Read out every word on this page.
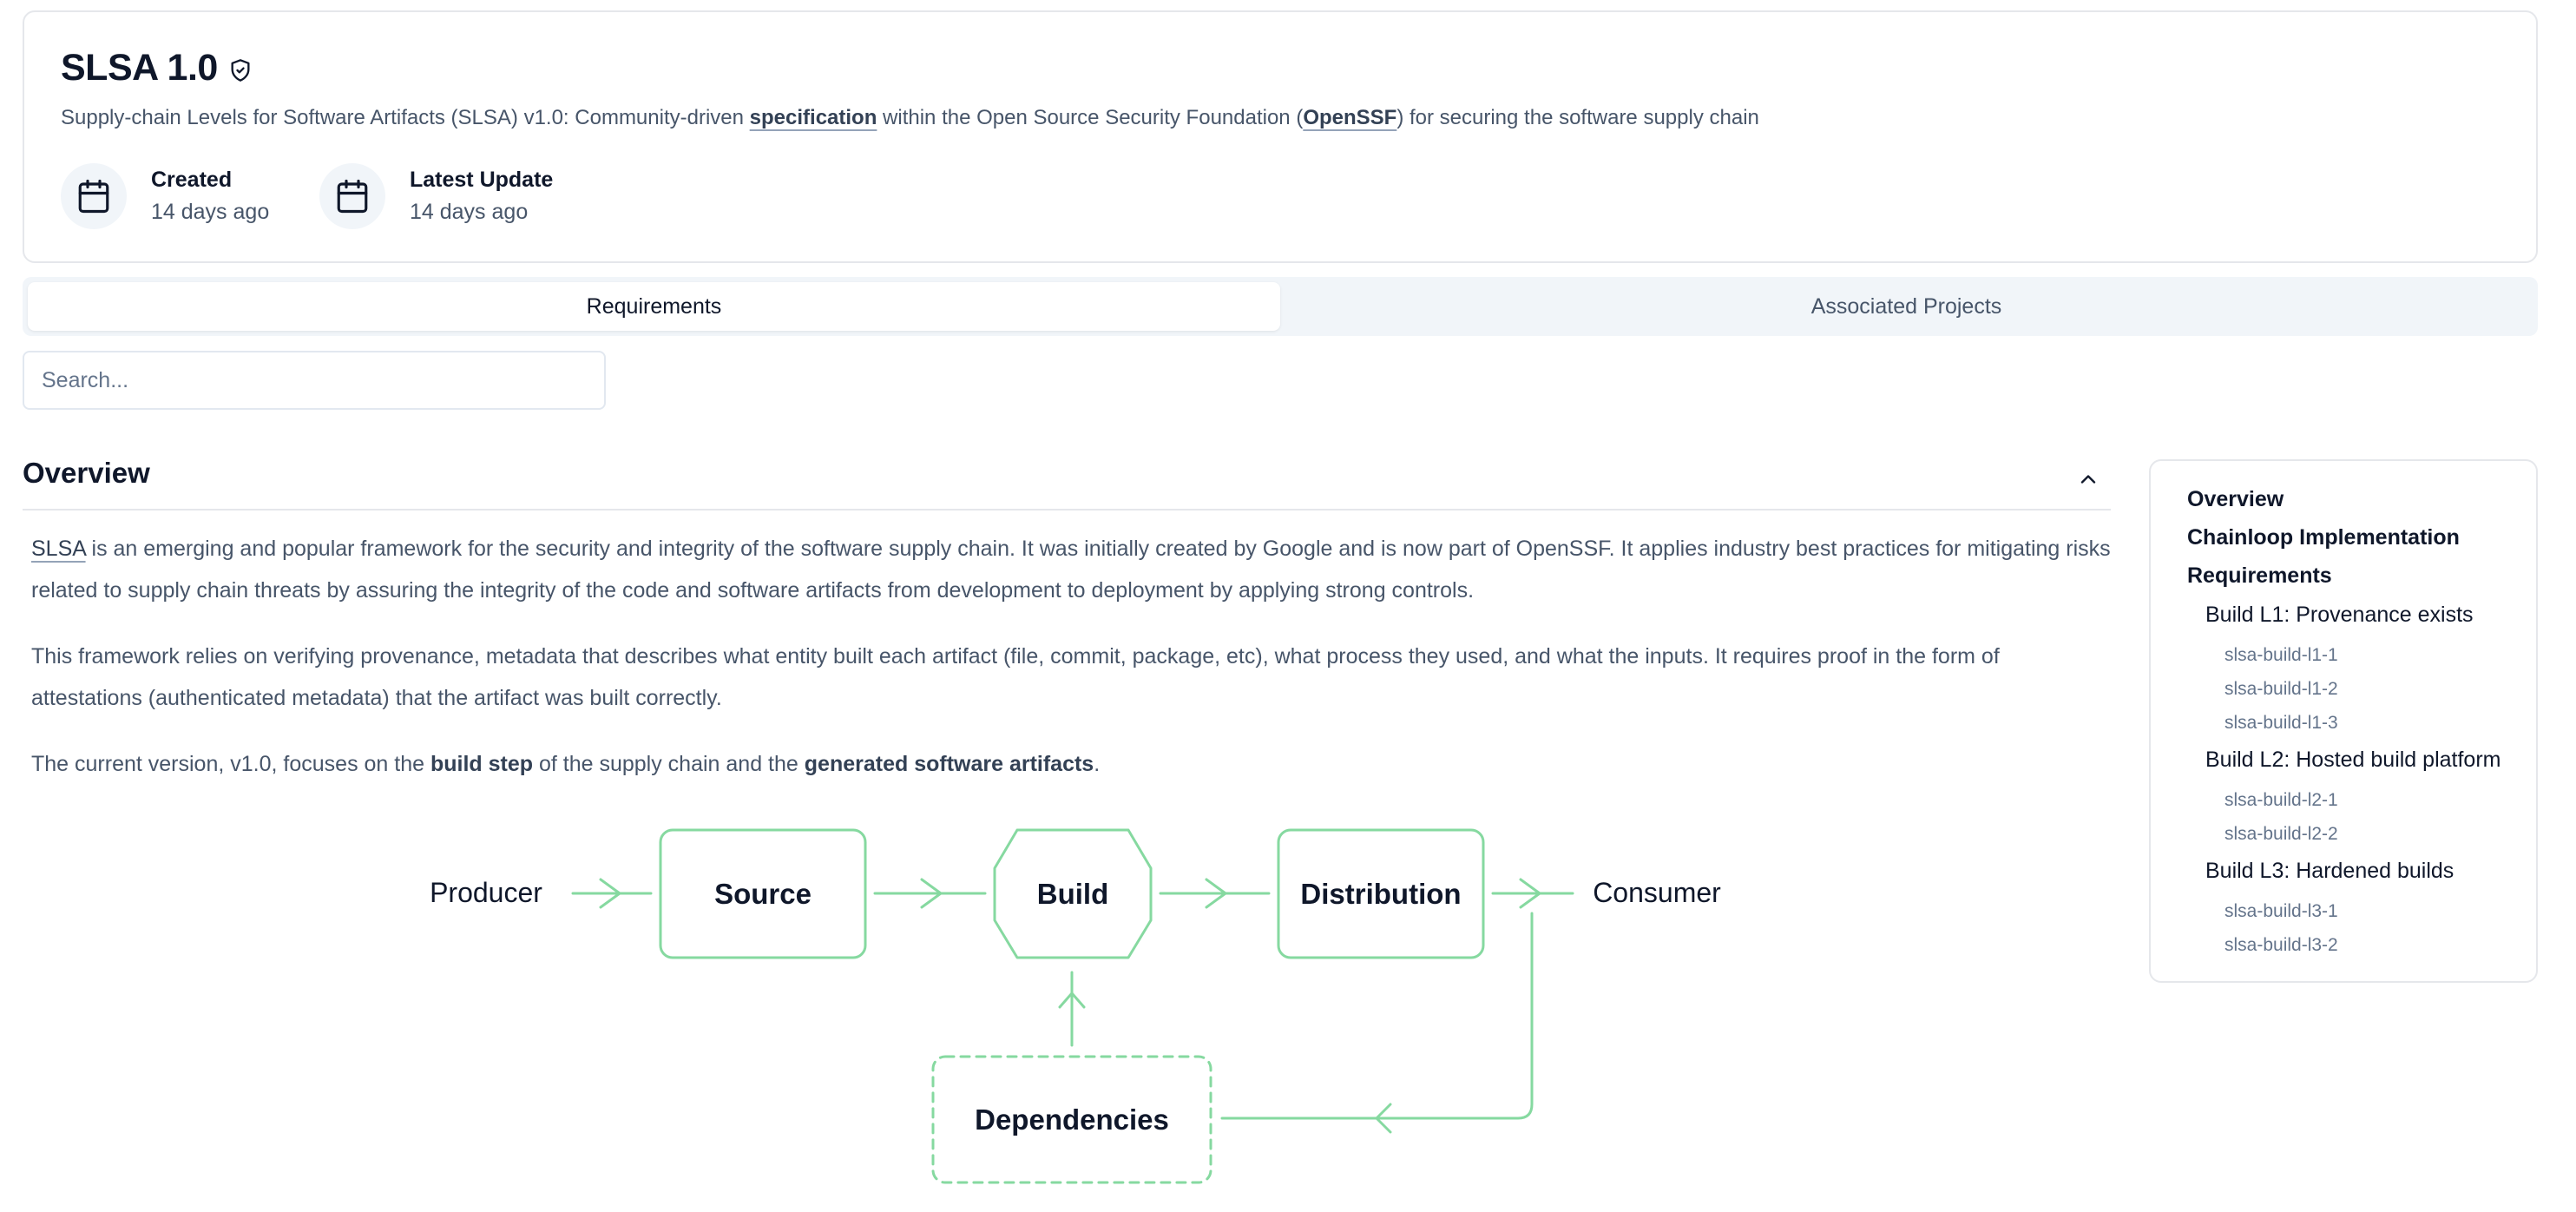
SLSA 1.0
Supply-chain Levels for Software Artifacts (SLSA) v1.0: Community-driven specification within the Open Source Security Foundation (OpenSSF) for securing the software supply chain
Created
14 days ago
Latest Update
14 days ago
Requirements	Associated Projects
Search...
Overview

SLSA is an emerging and popular framework for the security and integrity of the software supply chain. It was initially created by Google and is now part of OpenSSF. It applies industry best practices for mitigating risks related to supply chain threats by assuring the integrity of the code and software artifacts from development to deployment by applying strong controls.

This framework relies on verifying provenance, metadata that describes what entity built each artifact (file, commit, package, etc), what process they used, and what the inputs. It requires proof in the form of attestations (authenticated metadata) that the artifact was built correctly.

The current version, v1.0, focuses on the build step of the supply chain and the generated software artifacts.

Producer	Source	Build	Distribution	Consumer
Dependencies
Overview
Chainloop Implementation
Requirements
Build L1: Provenance exists
slsa-build-l1-1
slsa-build-l1-2
slsa-build-l1-3
Build L2: Hosted build platform
slsa-build-l2-1
slsa-build-l2-2
Build L3: Hardened builds
slsa-build-l3-1
slsa-build-l3-2
